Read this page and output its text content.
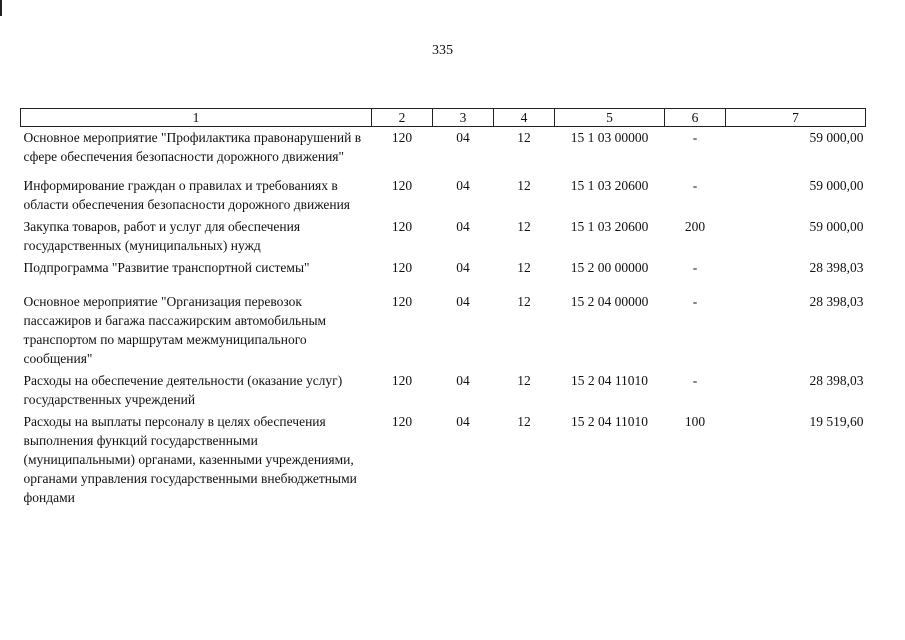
335
1	2	3	4	5	6	7
Основное мероприятие "Профилактика правонарушений в сфере обеспечения безопасности дорожного движения"	120	04	12	15 1 03 00000	-	59 000,00
Информирование граждан о правилах и требованиях в области обеспечения безопасности дорожного движения	120	04	12	15 1 03 20600	-	59 000,00
Закупка товаров, работ и услуг для обеспечения государственных (муниципальных) нужд	120	04	12	15 1 03 20600	200	59 000,00
Подпрограмма "Развитие транспортной системы"	120	04	12	15 2 00 00000	-	28 398,03
Основное мероприятие "Организация перевозок пассажиров и багажа пассажирским автомобильным транспортом по маршрутам межмуниципального сообщения"	120	04	12	15 2 04 00000	-	28 398,03
Расходы на обеспечение деятельности (оказание услуг) государственных учреждений	120	04	12	15 2 04 11010	-	28 398,03
Расходы на выплаты персоналу в целях обеспечения выполнения функций государственными (муниципальными) органами, казенными учреждениями, органами управления государственными внебюджетными фондами	120	04	12	15 2 04 11010	100	19 519,60
